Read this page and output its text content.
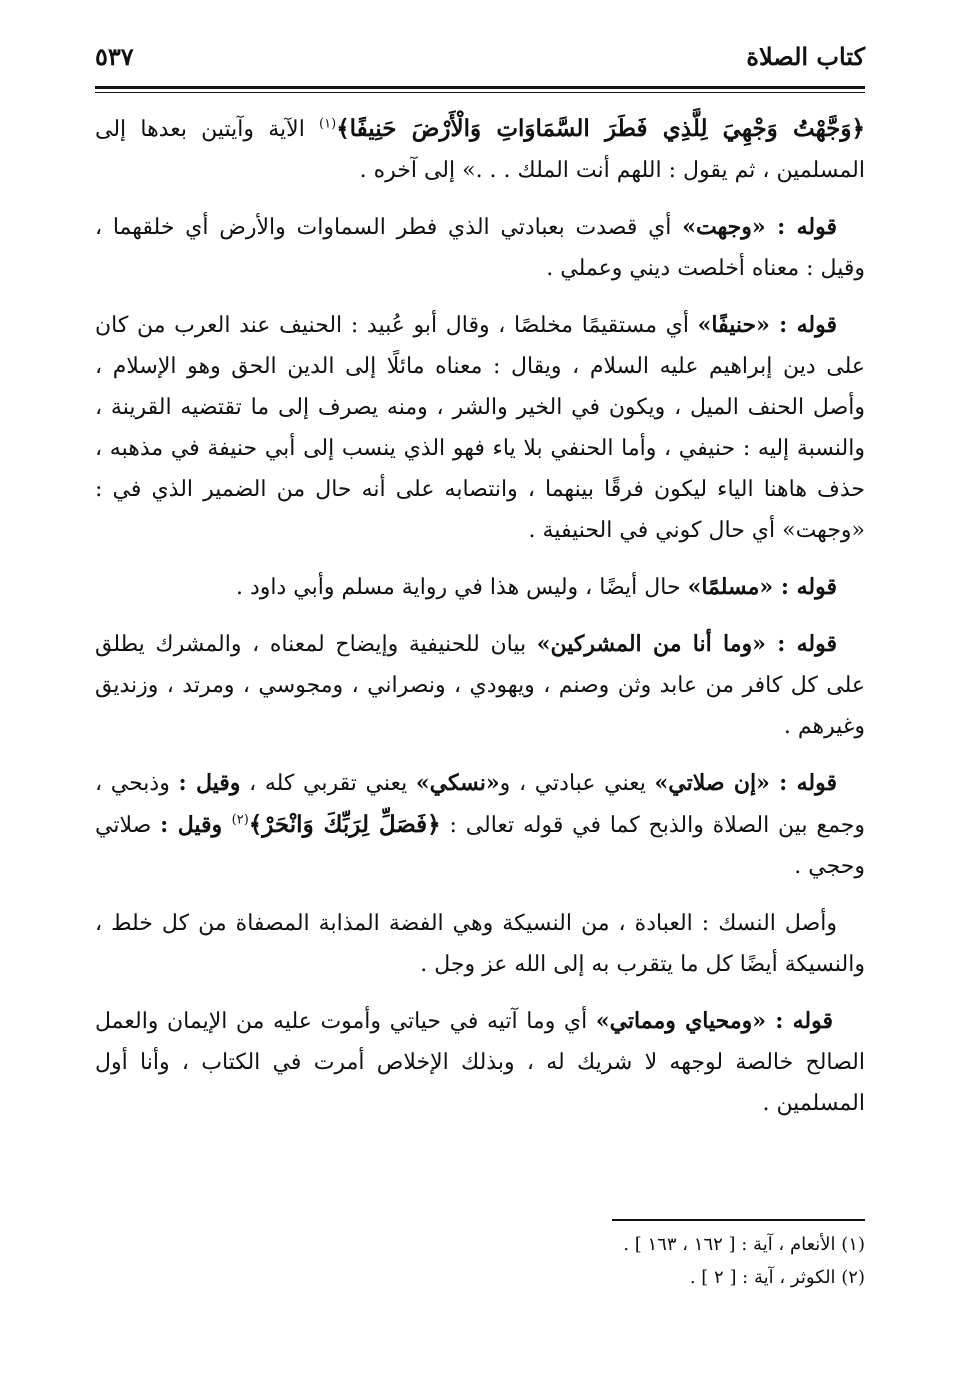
كتاب الصلاة
٥٣٧

﴿وَجَّهْتُ وَجْهِيَ لِلَّذِي فَطَرَ السَّمَاوَاتِ وَالْأَرْضَ حَنِيفًا﴾$^{(١)}$ الآية وآيتين بعدها إلى المسلمين ، ثم يقول : اللهم أنت الملك . . .» إلى آخره .

قوله : «وجهت» أي قصدت بعبادتي الذي فطر السماوات والأرض أي خلقهما ، وقيل : معناه أخلصت ديني وعملي .

قوله : «حنيفًا» أي مستقيمًا مخلصًا ، وقال أبو عُبيد : الحنيف عند العرب من كان على دين إبراهيم عليه السلام ، ويقال : معناه مائلًا إلى الدين الحق وهو الإسلام ، وأصل الحنف الميل ، ويكون في الخير والشر ، ومنه يصرف إلى ما تقتضيه القرينة ، والنسبة إليه : حنيفي ، وأما الحنفي بلا ياء فهو الذي ينسب إلى أبي حنيفة في مذهبه ، حذف هاهنا الياء ليكون فرقًا بينهما ، وانتصابه على أنه حال من الضمير الذي في : «وجهت» أي حال كوني في الحنيفية .

قوله : «مسلمًا» حال أيضًا ، وليس هذا في رواية مسلم وأبي داود .

قوله : «وما أنا من المشركين» بيان للحنيفية وإيضاح لمعناه ، والمشرك يطلق على كل كافر من عابد وثن وصنم ، ويهودي ، ونصراني ، ومجوسي ، ومرتد ، وزنديق وغيرهم .

قوله : «إن صلاتي» يعني عبادتي ، و«نسكي» يعني تقربي كله ، وقيل : وذبحي ، وجمع بين الصلاة والذبح كما في قوله تعالى : ﴿فَصَلِّ لِرَبِّكَ وَانْحَرْ﴾$^{(٢)}$ وقيل : صلاتي وحجي .

وأصل النسك : العبادة ، من النسيكة وهي الفضة المذابة المصفاة من كل خلط ، والنسيكة أيضًا كل ما يتقرب به إلى الله عز وجل .

قوله : «ومحياي ومماتي» أي وما آتيه في حياتي وأموت عليه من الإيمان والعمل الصالح خالصة لوجهه لا شريك له ، وبذلك الإخلاص أمرت في الكتاب ، وأنا أول المسلمين .

(١) الأنعام ، آية : [ ١٦٢ ، ١٦٣ ] .
(٢) الكوثر ، آية : [ ٢ ] .
